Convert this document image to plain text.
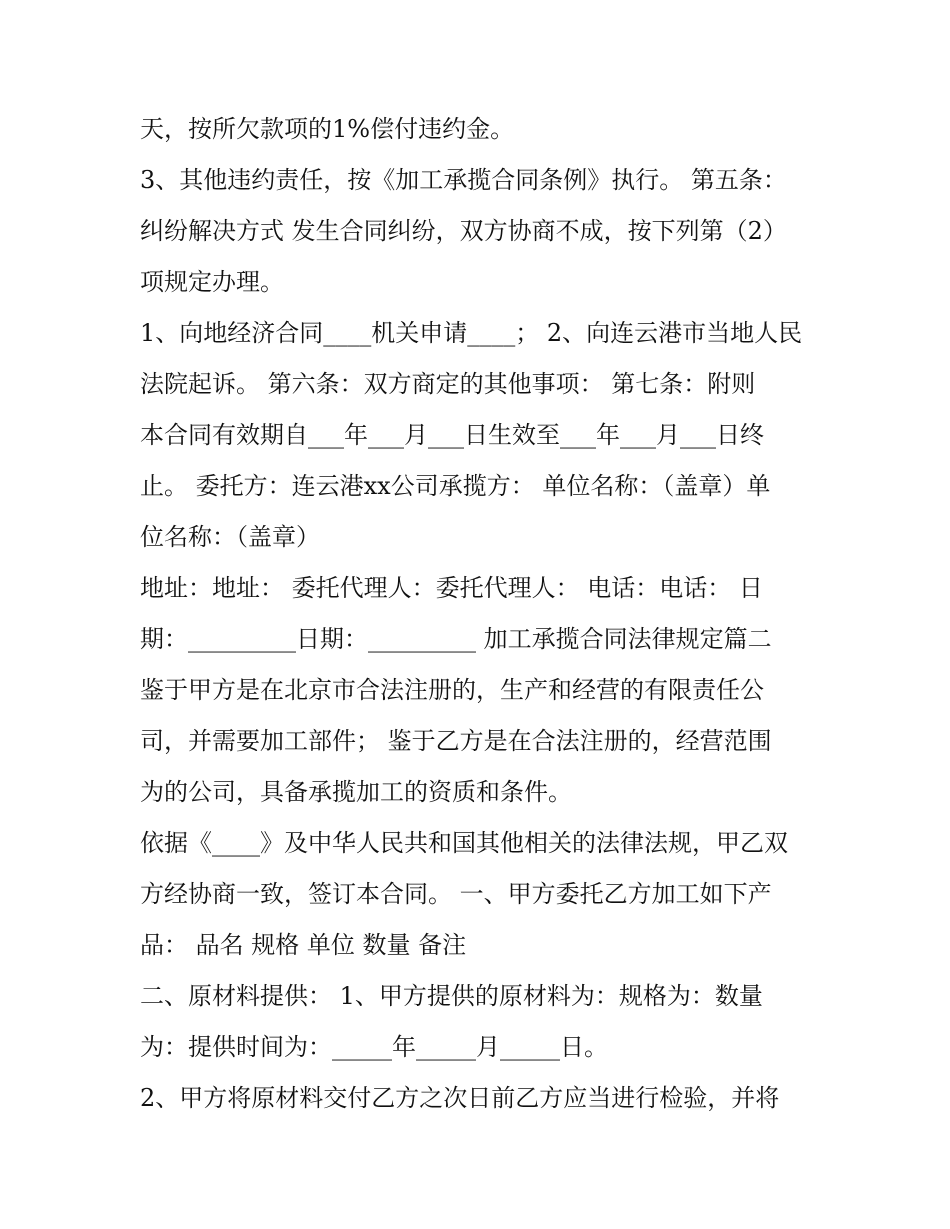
天，按所欠款项的1%偿付违约金。
3、其他违约责任，按《加工承揽合同条例》执行。 第五条：
纠纷解决方式 发生合同纠纷，双方协商不成，按下列第（2）
项规定办理。
1、向地经济合同____机关申请____； 2、向连云港市当地人民
法院起诉。 第六条：双方商定的其他事项： 第七条：附则
本合同有效期自___年___月___日生效至___年___月___日终
止。 委托方：连云港xx公司承揽方： 单位名称：（盖章）单
位名称：（盖章）
地址：地址： 委托代理人：委托代理人： 电话：电话： 日
期：_________日期：_________ 加工承揽合同法律规定篇二
鉴于甲方是在北京市合法注册的，生产和经营的有限责任公
司，并需要加工部件； 鉴于乙方是在合法注册的，经营范围
为的公司，具备承揽加工的资质和条件。
依据《____》及中华人民共和国其他相关的法律法规，甲乙双
方经协商一致，签订本合同。 一、甲方委托乙方加工如下产
品： 品名 规格 单位 数量 备注
二、原材料提供： 1、甲方提供的原材料为：规格为：数量
为：提供时间为：_____年_____月_____日。
2、甲方将原材料交付乙方之次日前乙方应当进行检验，并将
